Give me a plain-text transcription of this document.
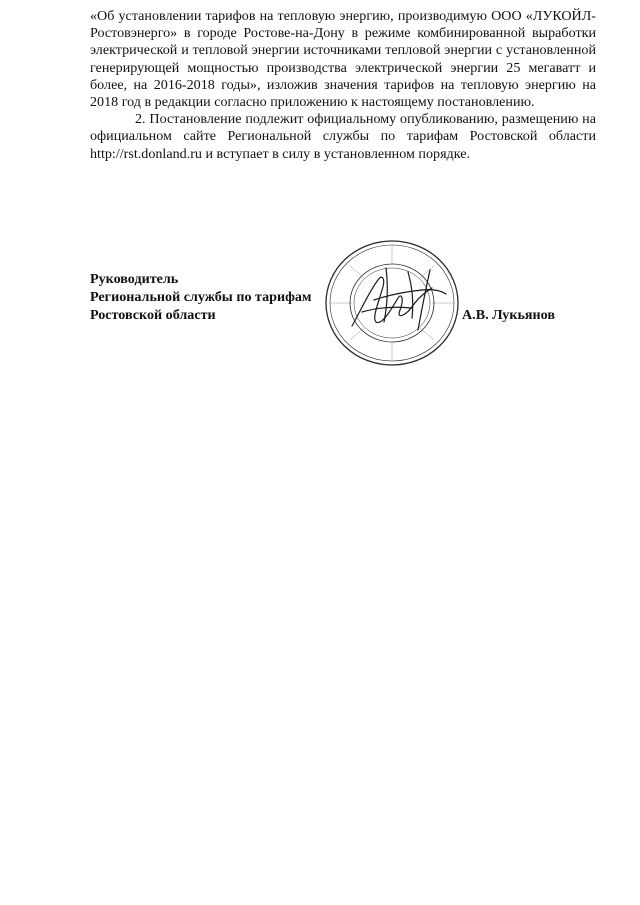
«Об установлении тарифов на тепловую энергию, производимую ООО «ЛУКОЙЛ-Ростовэнерго» в городе Ростове-на-Дону в режиме комбинированной выработки электрической и тепловой энергии источниками тепловой энергии с установленной генерирующей мощностью производства электрической энергии 25 мегаватт и более, на 2016-2018 годы», изложив значения тарифов на тепловую энергию на 2018 год в редакции согласно приложению к настоящему постановлению.

2. Постановление подлежит официальному опубликованию, размещению на официальном сайте Региональной службы по тарифам Ростовской области http://rst.donland.ru и вступает в силу в установленном порядке.

Руководитель
Региональной службы по тарифам
Ростовской области	А.В. Лукьянов
